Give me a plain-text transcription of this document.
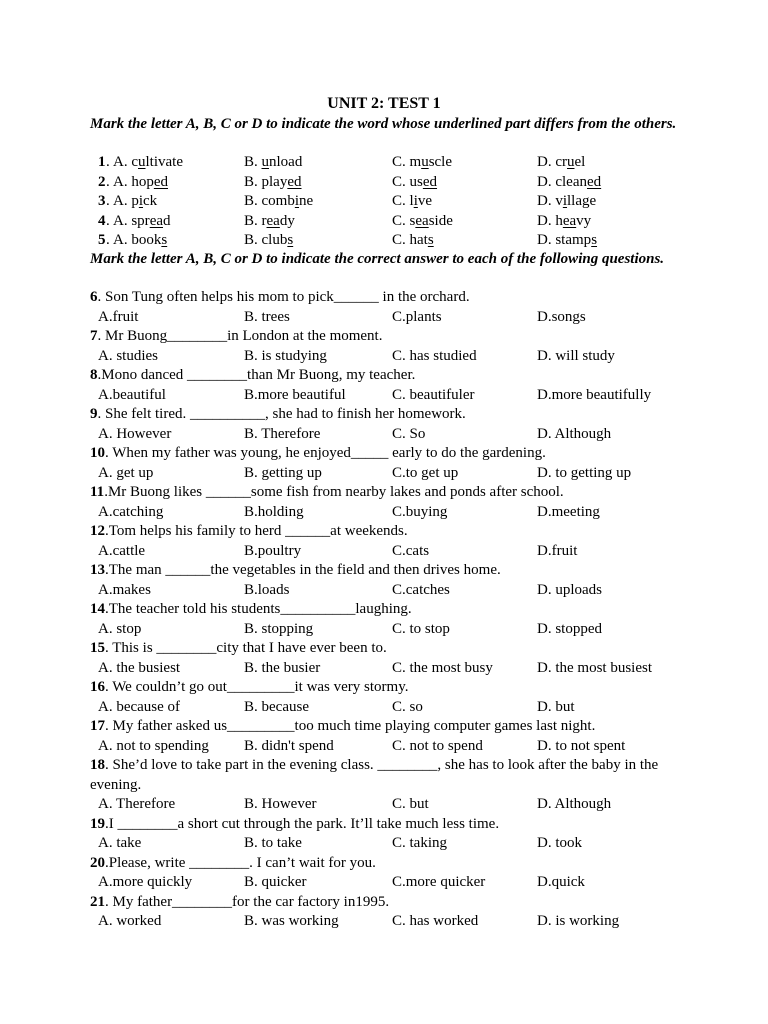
UNIT 2: TEST 1
Mark the letter A, B, C or D to indicate the word whose underlined part differs from the others.
1 . A. cultivate	B. unload	C. muscle	D. cruel
2 . A. hoped	B. played	C. used	D. cleaned
3 . A. pick	B. combine	C. live	D. village
4 . A. spread	B. ready	C. seaside	D. heavy
5 . A. books	B. clubs	C. hats	D. stamps
Mark the letter A, B, C or D to indicate the correct answer to each of the following questions.
6. Son Tung often helps his mom to pick______ in the orchard.
A.fruit	B. trees	C.plants	D.songs
7. Mr Buong________in London at the moment.
A. studies	B. is studying	C. has studied	D. will study
8.Mono danced ________than Mr Buong, my teacher.
A.beautiful	B.more beautiful	C. beautifuler	D.more beautifully
9. She felt tired. __________, she had to finish her homework.
A. However	B. Therefore	C. So	D. Although
10. When my father was young, he enjoyed_____ early to do the gardening.
A. get up	B. getting up	C.to get up	D. to getting up
11.Mr Buong likes ______some fish from nearby lakes and ponds after school.
A.catching	B.holding	C.buying	D.meeting
12.Tom helps his family to herd ______at weekends.
A.cattle	B.poultry	C.cats	D.fruit
13.The man ______the vegetables in the field and then drives home.
A.makes	B.loads	C.catches	D. uploads
14.The teacher told his students__________laughing.
A. stop	B. stopping	C. to stop	D. stopped
15. This is ________city that I have ever been to.
A. the busiest	B. the busier	C. the most busy	D. the most busiest
16. We couldn’t go out_________it was very stormy.
A. because of	B. because	C. so	D. but
17. My father asked us_________too much time playing computer games last night.
A. not to spending B. didn't spend	C. not to spend	D. to not spent
18. She’d love to take part in the evening class. ________, she has to look after the baby in the evening.
A. Therefore	B. However	C. but	D. Although
19.I ________a short cut through the park. It’ll take much less time.
A. take	B. to take	C. taking	D. took
20.Please, write ________. I can’t wait for you.
A.more quickly	B. quicker	C.more quicker	D.quick
21. My father________for the car factory in1995.
A. worked	B. was working	C. has worked	D. is working
